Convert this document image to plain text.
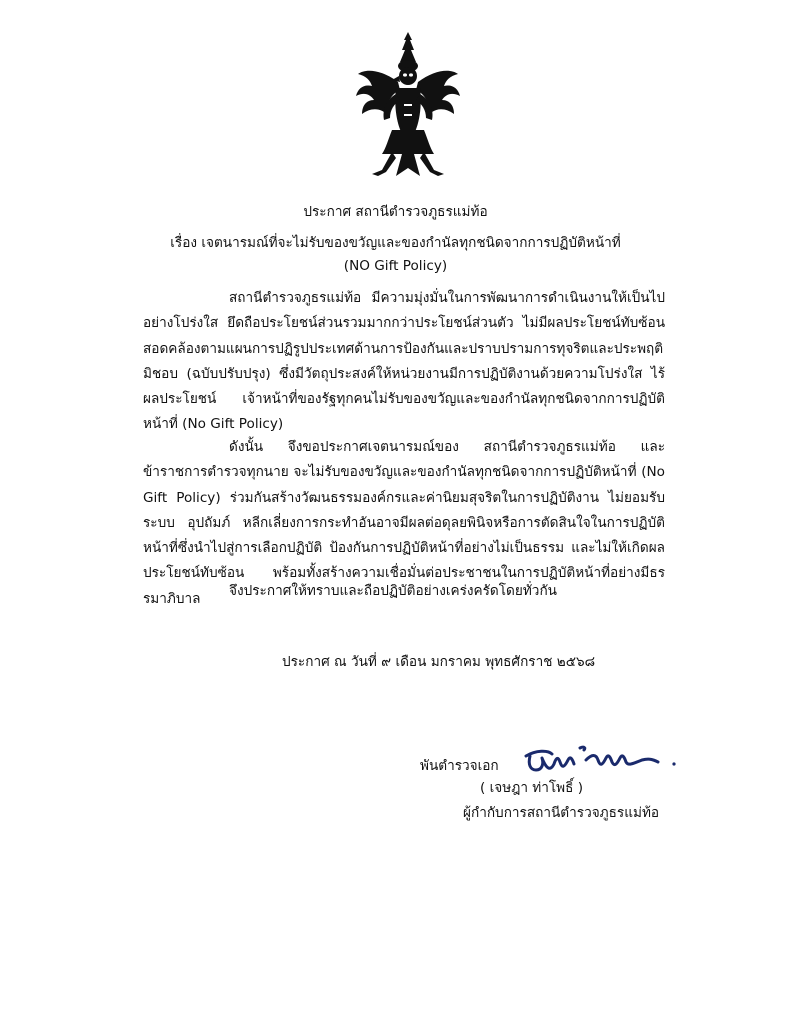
ประกาศ สถานีตำรวจภูธรแม่ท้อ
เรื่อง เจตนารมณ์ที่จะไม่รับของขวัญและของกำนัลทุกชนิดจากการปฏิบัติหน้าที่
(NO Gift Policy)

สถานีตำรวจภูธรแม่ท้อ มีความมุ่งมั่นในการพัฒนาการดำเนินงานให้เป็นไปอย่างโปร่งใส ยึดถือประโยชน์ส่วนรวมมากกว่าประโยชน์ส่วนตัว ไม่มีผลประโยชน์ทับซ้อน สอดคล้องตามแผนการปฏิรูปประเทศด้านการป้องกันและปราบปรามการทุจริตและประพฤติมิชอบ (ฉบับปรับปรุง) ซึ่งมีวัตถุประสงค์ให้หน่วยงานมีการปฏิบัติงานด้วยความโปร่งใส ไร้ผลประโยชน์ เจ้าหน้าที่ของรัฐทุกคนไม่รับของขวัญและของกำนัลทุกชนิดจากการปฏิบัติหน้าที่ (No Gift Policy)

ดังนั้น จึงขอประกาศเจตนารมณ์ของ สถานีตำรวจภูธรแม่ท้อ และข้าราชการตำรวจทุกนาย จะไม่รับของขวัญและของกำนัลทุกชนิดจากการปฏิบัติหน้าที่ (No Gift Policy) ร่วมกันสร้างวัฒนธรรมองค์กรและค่านิยมสุจริตในการปฏิบัติงาน ไม่ยอมรับระบบ อุปถัมภ์ หลีกเลี่ยงการกระทำอันอาจมีผลต่อดุลยพินิจหรือการตัดสินใจในการปฏิบัติหน้าที่ซึ่งนำไปสู่การเลือกปฏิบัติ ป้องกันการปฏิบัติหน้าที่อย่างไม่เป็นธรรม และไม่ให้เกิดผลประโยชน์ทับซ้อน พร้อมทั้งสร้างความเชื่อมั่นต่อประชาชนในการปฏิบัติหน้าที่อย่างมีธรรมาภิบาล	จึงประกาศให้ทราบและถือปฏิบัติอย่างเคร่งครัดโดยทั่วกัน
ประกาศ ณ วันที่ ๙ เดือน มกราคม พุทธศักราช ๒๕๖๘
พันตำรวจเอก
( เจษฎา ท่าโพธิ์ )
ผู้กำกับการสถานีตำรวจภูธรแม่ท้อ
